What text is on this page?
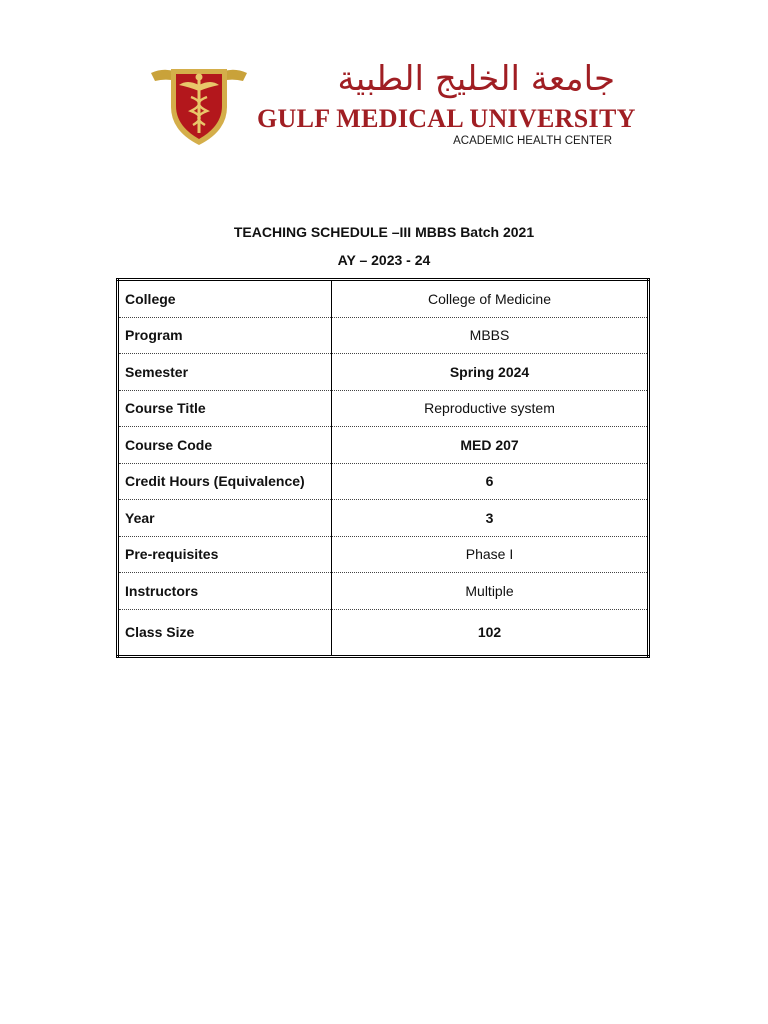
جامعة الخليج الطبية
GULF MEDICAL UNIVERSITY
ACADEMIC HEALTH CENTER
TEACHING SCHEDULE –III MBBS Batch 2021
AY – 2023 - 24
College	College of Medicine
Program	MBBS
Semester	Spring 2024
Course Title	Reproductive system
Course Code	MED 207
Credit Hours (Equivalence)	6
Year	3
Pre-requisites	Phase I
Instructors	Multiple
Class Size	102
